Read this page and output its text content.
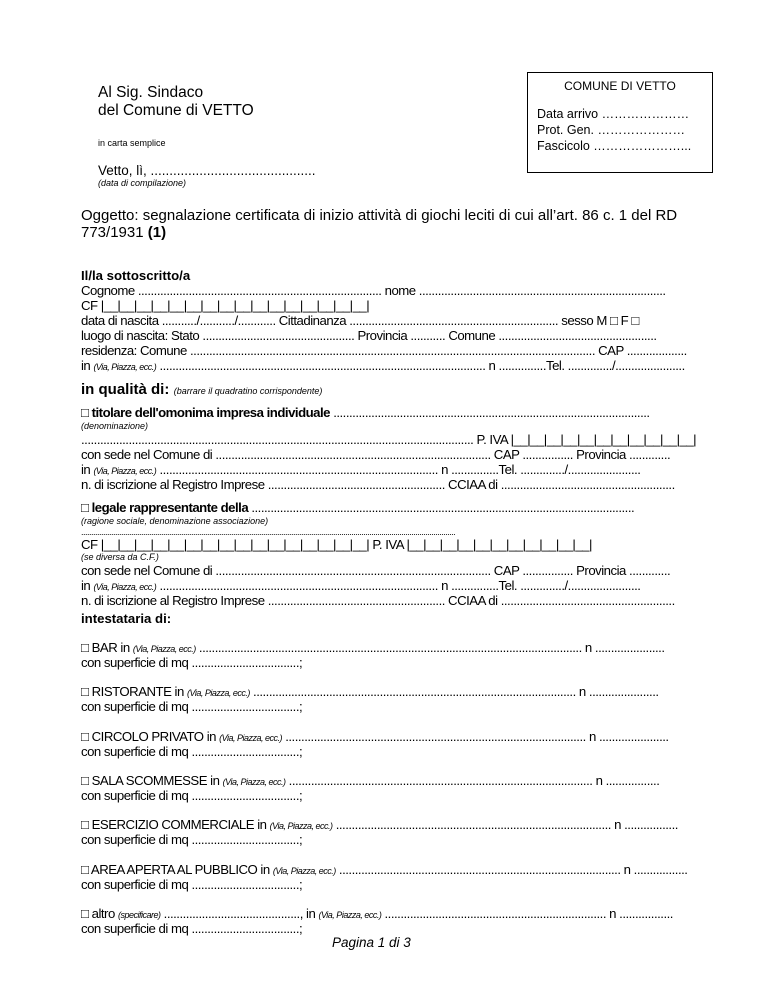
Al Sig. Sindaco
del Comune di VETTO
in carta semplice
COMUNE DI VETTO
Data arrivo …………………
Prot. Gen. …………………
Fascicolo …………………...
Vetto, lì, ............................................
(data di compilazione)
Oggetto: segnalazione certificata di inizio attività di giochi leciti di cui all’art. 86 c. 1 del RD
773/1931 (1)
Il/la sottoscritto/a
Cognome ............................................................................. nome ..............................................................................
CF |__|__|__|__|__|__|__|__|__|__|__|__|__|__|__|__|
data di nascita .........../.........../............ Cittadinanza .................................................................. sesso M □ F □
luogo di nascita: Stato ................................................ Provincia ........... Comune ..................................................
residenza: Comune ................................................................................................................................ CAP ...................
in (Via, Piazza, ecc.) ....................................................................................................... n ...............Tel. ............../......................
in qualità di: (barrare il quadratino corrispondente)
□ titolare dell'omonima impresa individuale ....................................................................................................
(denominazione)
............................................................................................................................ P. IVA |__|__|__|__|__|__|__|__|__|__|__|
con sede nel Comune di ....................................................................................... CAP ................ Provincia .............
in (Via, Piazza, ecc.) ........................................................................................ n ...............Tel. ............../.......................
n. di iscrizione al Registro Imprese ........................................................ CCIAA di .......................................................
□ legale rappresentante della .........................................................................................................................
(ragione sociale, denominazione associazione)
...........................................................................................................................................................................................
CF |__|__|__|__|__|__|__|__|__|__|__|__|__|__|__|__| P. IVA |__|__|__|__|__|__|__|__|__|__|__|
(se diversa da C.F.)
con sede nel Comune di ....................................................................................... CAP ................ Provincia .............
in (Via, Piazza, ecc.) ........................................................................................ n ...............Tel. ............../.......................
n. di iscrizione al Registro Imprese ........................................................ CCIAA di .......................................................
intestataria di:
□ BAR in (Via, Piazza, ecc.) ......................................................................................................................... n ......................
con superficie di mq ..................................;
□ RISTORANTE in (Via, Piazza, ecc.) ...................................................................................................... n ......................
con superficie di mq ..................................;
□ CIRCOLO PRIVATO in (Via, Piazza, ecc.) ............................................................................................... n ......................
con superficie di mq ..................................;
□ SALA SCOMMESSE in (Via, Piazza, ecc.) ................................................................................................ n .................
con superficie di mq ..................................;
□ ESERCIZIO COMMERCIALE in (Via, Piazza, ecc.) ....................................................................................... n .................
con superficie di mq ..................................;
□ AREA APERTA AL PUBBLICO in (Via, Piazza, ecc.) ......................................................................................... n .................
con superficie di mq ..................................;
□ altro (specificare) ..........................................., in (Via, Piazza, ecc.) ...................................................................... n .................
con superficie di mq ..................................;
Pagina 1 di 3
